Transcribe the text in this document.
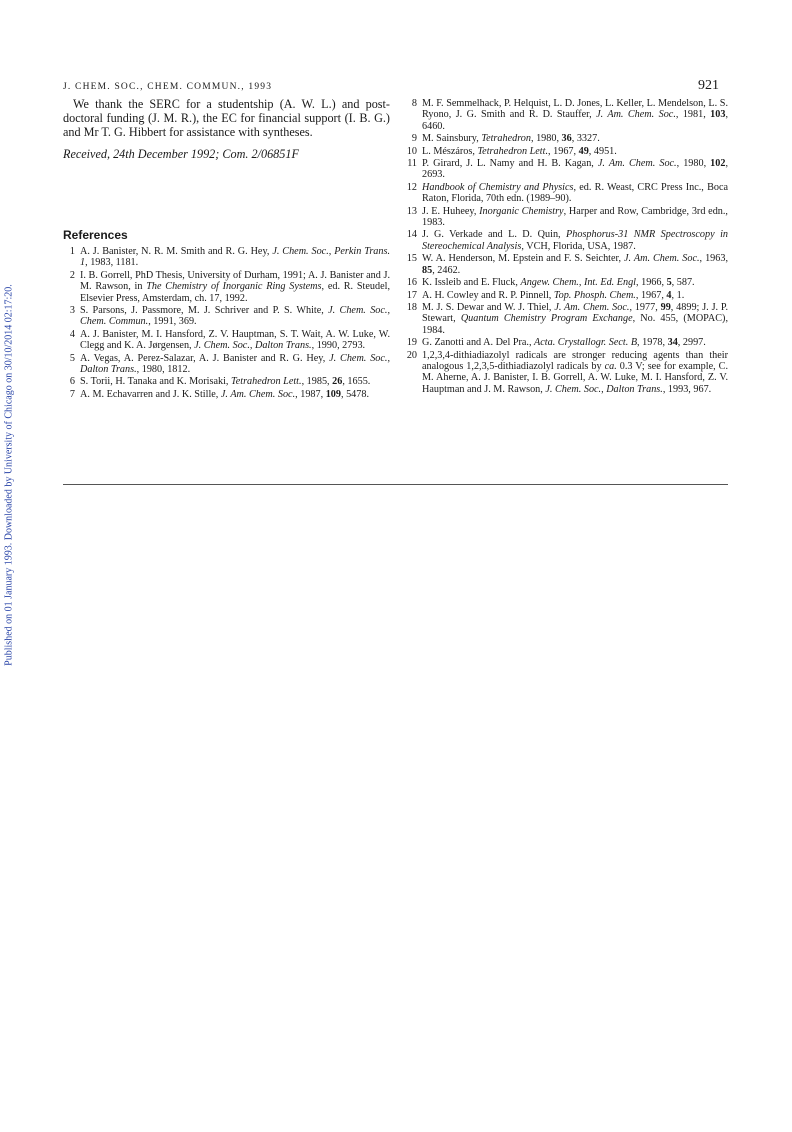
Published on 01 January 1993. Downloaded by University of Chicago on 30/10/2014 02:17:20.
J. CHEM. SOC., CHEM. COMMUN., 1993	921

We thank the SERC for a studentship (A. W. L.) and post-doctoral funding (J. M. R.), the EC for financial support (I. B. G.) and Mr T. G. Hibbert for assistance with syntheses.

Received, 24th December 1992; Com. 2/06851F

References
1 A. J. Banister, N. R. M. Smith and R. G. Hey, J. Chem. Soc., Perkin Trans. 1, 1983, 1181.
2 I. B. Gorrell, PhD Thesis, University of Durham, 1991; A. J. Banister and J. M. Rawson, in The Chemistry of Inorganic Ring Systems, ed. R. Steudel, Elsevier Press, Amsterdam, ch. 17, 1992.
3 S. Parsons, J. Passmore, M. J. Schriver and P. S. White, J. Chem. Soc., Chem. Commun., 1991, 369.
4 A. J. Banister, M. I. Hansford, Z. V. Hauptman, S. T. Wait, A. W. Luke, W. Clegg and K. A. Jørgensen, J. Chem. Soc., Dalton Trans., 1990, 2793.
5 A. Vegas, A. Perez-Salazar, A. J. Banister and R. G. Hey, J. Chem. Soc., Dalton Trans., 1980, 1812.
6 S. Torii, H. Tanaka and K. Morisaki, Tetrahedron Lett., 1985, 26, 1655.
7 A. M. Echavarren and J. K. Stille, J. Am. Chem. Soc., 1987, 109, 5478.
8 M. F. Semmelhack, P. Helquist, L. D. Jones, L. Keller, L. Mendelson, L. S. Ryono, J. G. Smith and R. D. Stauffer, J. Am. Chem. Soc., 1981, 103, 6460.
9 M. Sainsbury, Tetrahedron, 1980, 36, 3327.
10 L. Mészáros, Tetrahedron Lett., 1967, 49, 4951.
11 P. Girard, J. L. Namy and H. B. Kagan, J. Am. Chem. Soc., 1980, 102, 2693.
12 Handbook of Chemistry and Physics, ed. R. Weast, CRC Press Inc., Boca Raton, Florida, 70th edn. (1989–90).
13 J. E. Huheey, Inorganic Chemistry, Harper and Row, Cambridge, 3rd edn., 1983.
14 J. G. Verkade and L. D. Quin, Phosphorus-31 NMR Spectroscopy in Stereochemical Analysis, VCH, Florida, USA, 1987.
15 W. A. Henderson, M. Epstein and F. S. Seichter, J. Am. Chem. Soc., 1963, 85, 2462.
16 K. Issleib and E. Fluck, Angew. Chem., Int. Ed. Engl, 1966, 5, 587.
17 A. H. Cowley and R. P. Pinnell, Top. Phosph. Chem., 1967, 4, 1.
18 M. J. S. Dewar and W. J. Thiel, J. Am. Chem. Soc., 1977, 99, 4899; J. J. P. Stewart, Quantum Chemistry Program Exchange, No. 455, (MOPAC), 1984.
19 G. Zanotti and A. Del Pra., Acta. Crystallogr. Sect. B, 1978, 34, 2997.
20 1,2,3,4-dithiadiazolyl radicals are stronger reducing agents than their analogous 1,2,3,5-dithiadiazolyl radicals by ca. 0.3 V; see for example, C. M. Aherne, A. J. Banister, I. B. Gorrell, A. W. Luke, M. I. Hansford, Z. V. Hauptman and J. M. Rawson, J. Chem. Soc., Dalton Trans., 1993, 967.
